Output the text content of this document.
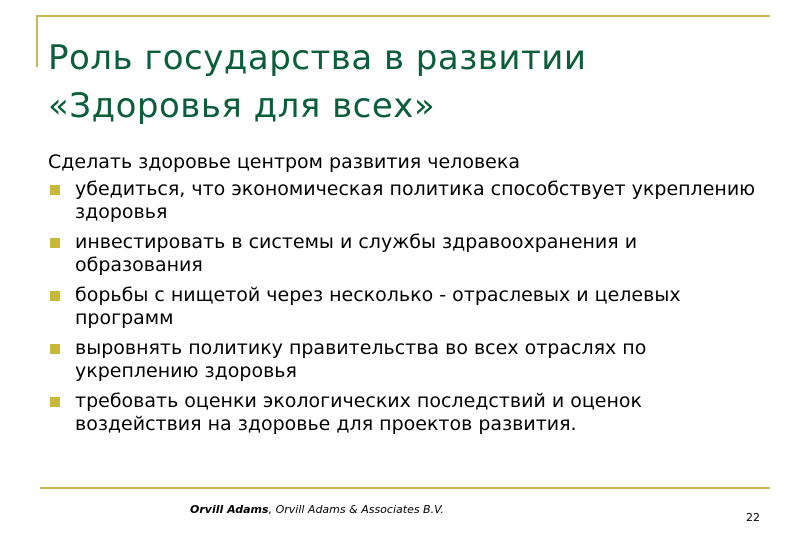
Роль государства в развитии
«Здоровья для всех»

Сделать здоровье центром развития человека

убедиться, что экономическая политика способствует укреплению здоровья
инвестировать в системы и службы здравоохранения и образования
борьбы с нищетой через несколько - отраслевых и целевых программ
выровнять политику правительства во всех отраслях по укреплению здоровья
требовать оценки экологических последствий и оценок воздействия на здоровье для проектов развития.
Orvill Adams, Orvill Adams & Associates B.V.
22
